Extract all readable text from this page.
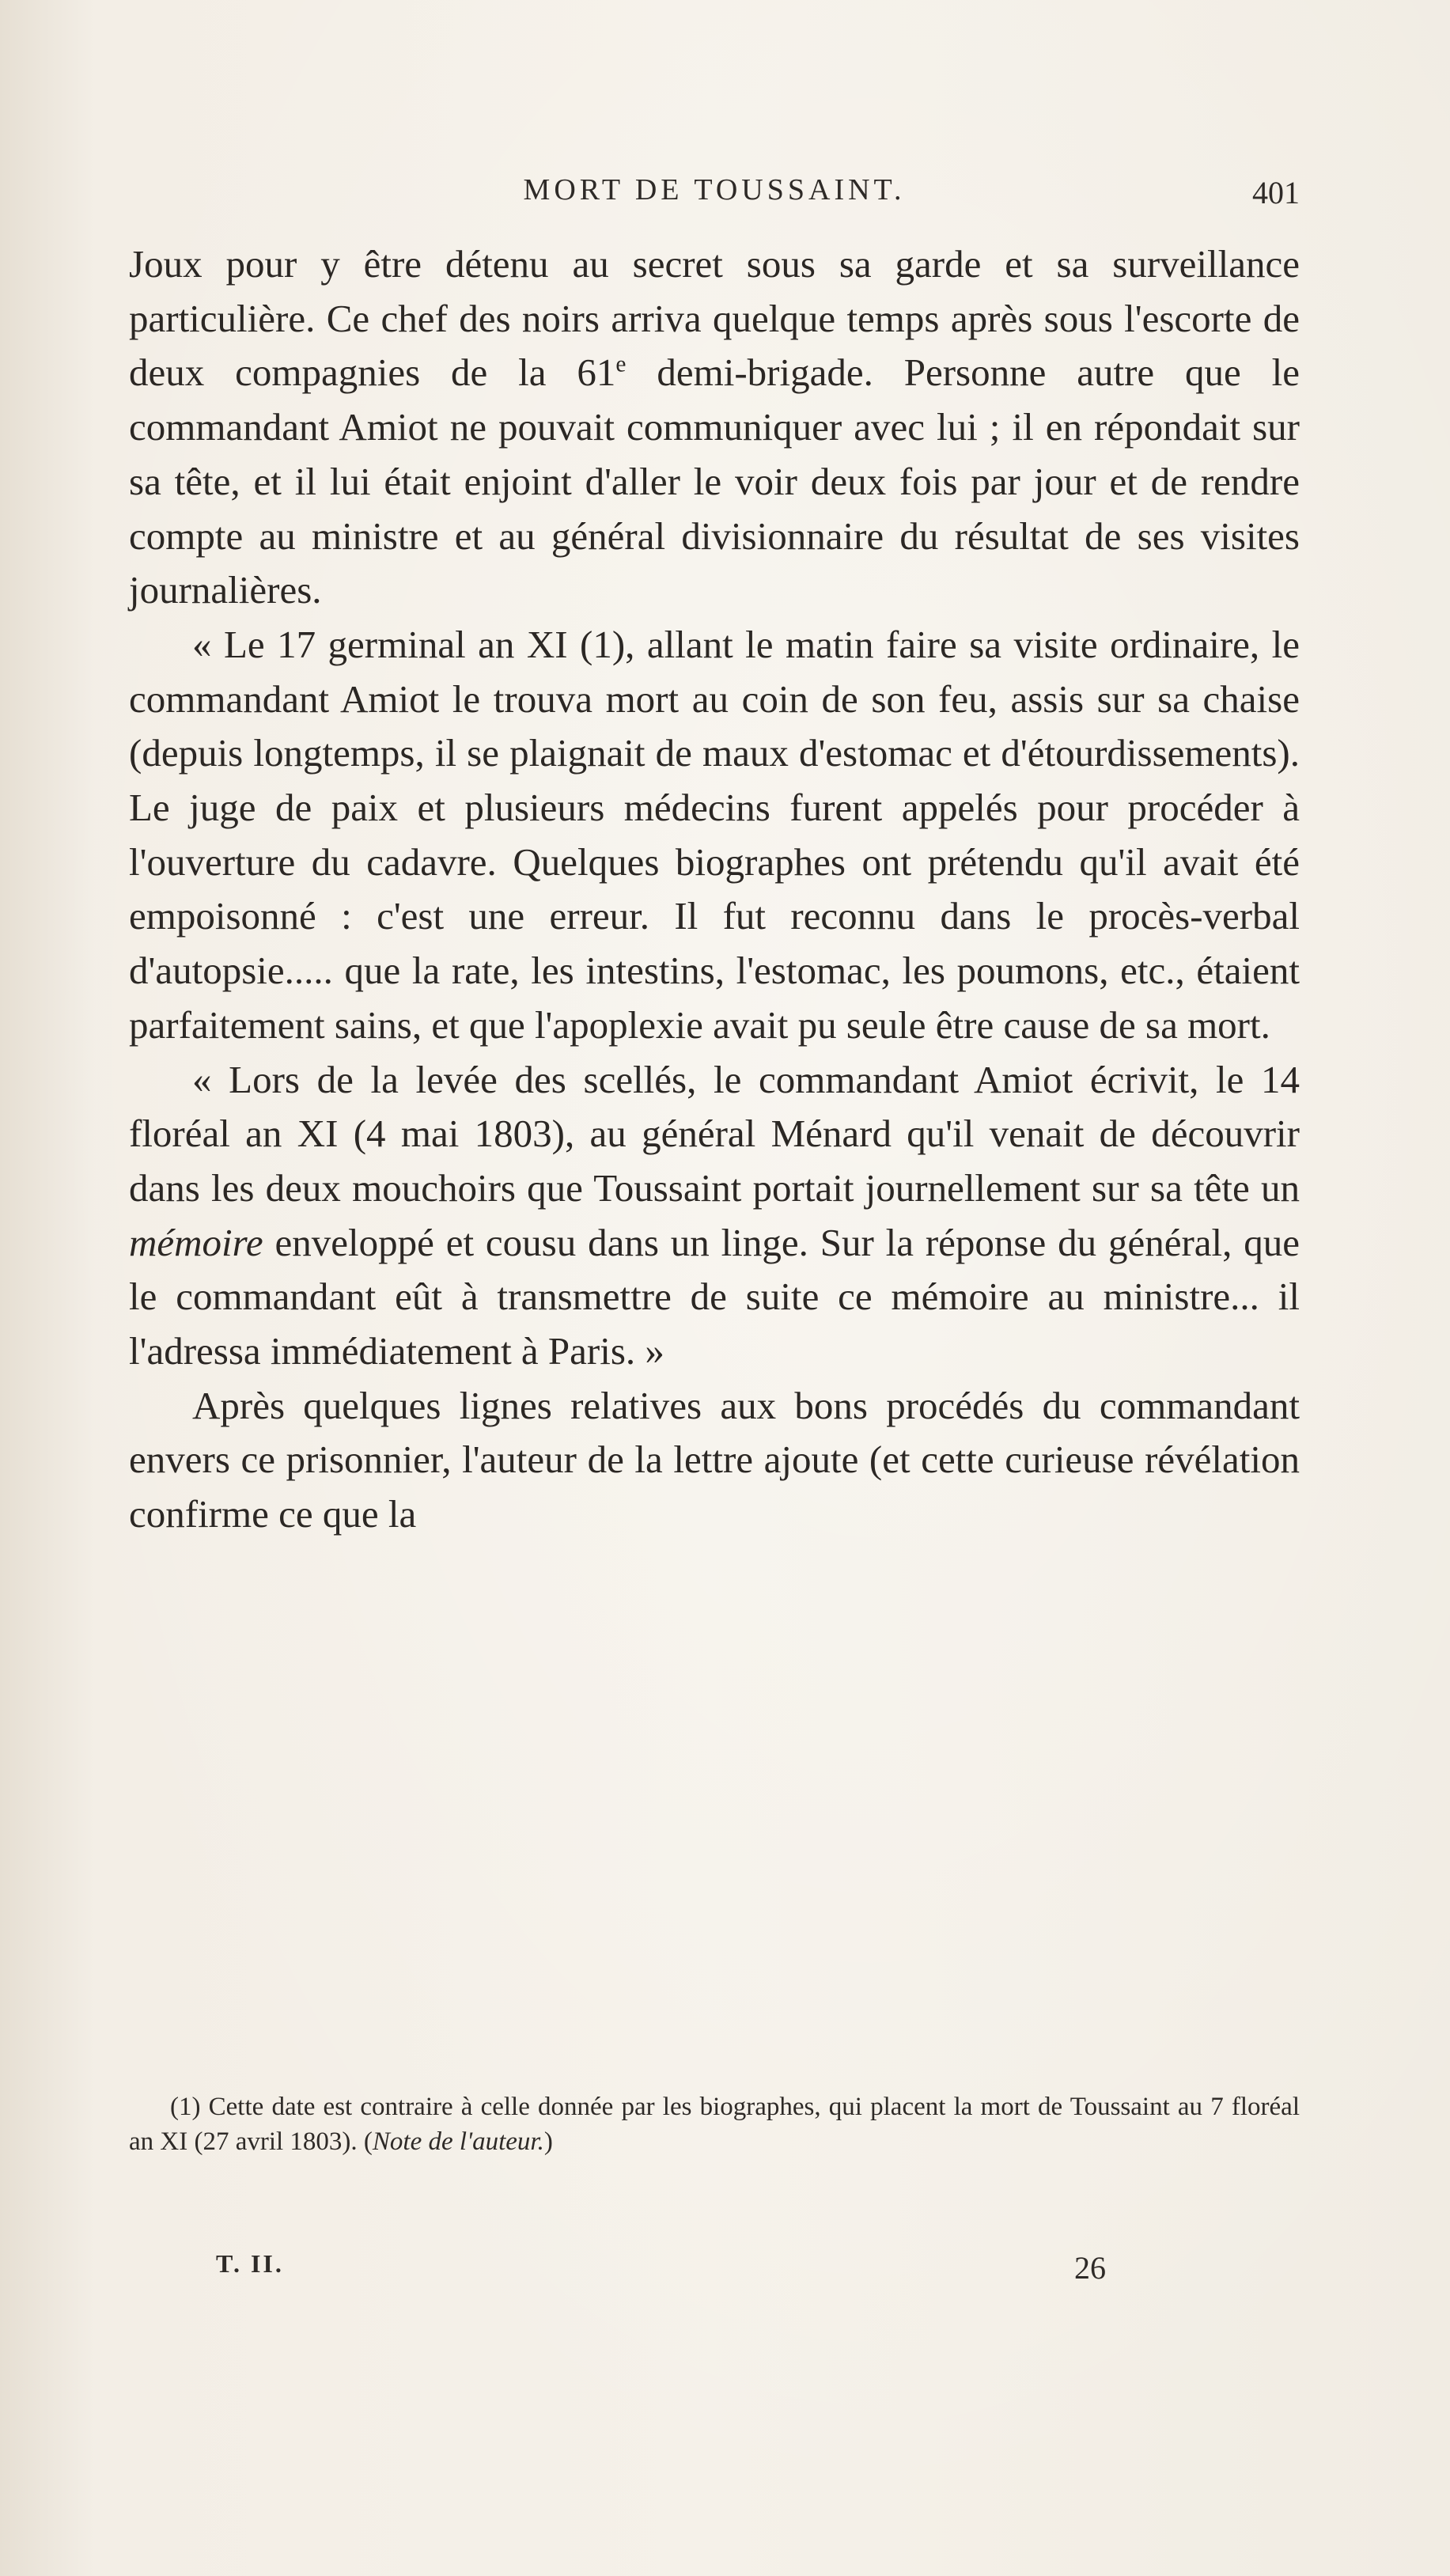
MORT DE TOUSSAINT.	401

Joux pour y être détenu au secret sous sa garde et sa surveillance particulière. Ce chef des noirs arriva quelque temps après sous l'escorte de deux compagnies de la 61e demi-brigade. Personne autre que le commandant Amiot ne pouvait communiquer avec lui ; il en répondait sur sa tête, et il lui était enjoint d'aller le voir deux fois par jour et de rendre compte au ministre et au général divisionnaire du résultat de ses visites journalières.

« Le 17 germinal an XI (1), allant le matin faire sa visite ordinaire, le commandant Amiot le trouva mort au coin de son feu, assis sur sa chaise (depuis longtemps, il se plaignait de maux d'estomac et d'étourdissements). Le juge de paix et plusieurs médecins furent appelés pour procéder à l'ouverture du cadavre. Quelques biographes ont prétendu qu'il avait été empoisonné : c'est une erreur. Il fut reconnu dans le procès-verbal d'autopsie..... que la rate, les intestins, l'estomac, les poumons, etc., étaient parfaitement sains, et que l'apoplexie avait pu seule être cause de sa mort.

« Lors de la levée des scellés, le commandant Amiot écrivit, le 14 floréal an XI (4 mai 1803), au général Ménard qu'il venait de découvrir dans les deux mouchoirs que Toussaint portait journellement sur sa tête un mémoire enveloppé et cousu dans un linge. Sur la réponse du général, que le commandant eût à transmettre de suite ce mémoire au ministre... il l'adressa immédiatement à Paris. »

Après quelques lignes relatives aux bons procédés du commandant envers ce prisonnier, l'auteur de la lettre ajoute (et cette curieuse révélation confirme ce que la

(1) Cette date est contraire à celle donnée par les biographes, qui placent la mort de Toussaint au 7 floréal an XI (27 avril 1803). (Note de l'auteur.)

T. II.	26
